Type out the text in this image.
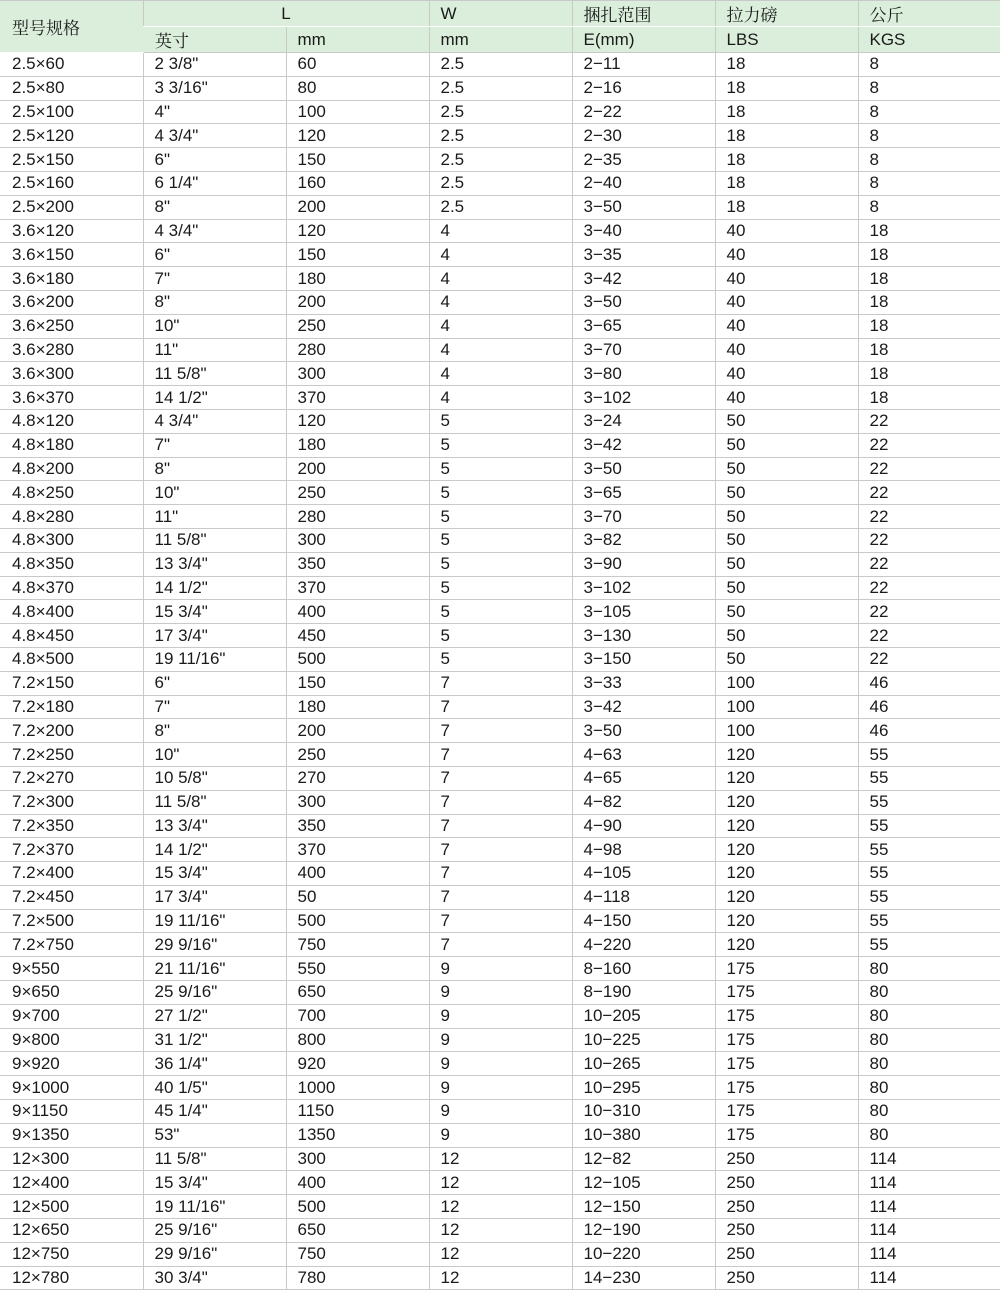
型号规格	L		W	捆扎范围	拉力磅	公斤
	英寸	mm	mm	E(mm)	LBS	KGS
2.5×60	2 3/8"	60	2.5	2−11	18	8
2.5×80	3 3/16"	80	2.5	2−16	18	8
2.5×100	4"	100	2.5	2−22	18	8
2.5×120	4 3/4"	120	2.5	2−30	18	8
2.5×150	6"	150	2.5	2−35	18	8
2.5×160	6 1/4"	160	2.5	2−40	18	8
2.5×200	8"	200	2.5	3−50	18	8
3.6×120	4 3/4"	120	4	3−40	40	18
3.6×150	6"	150	4	3−35	40	18
3.6×180	7"	180	4	3−42	40	18
3.6×200	8"	200	4	3−50	40	18
3.6×250	10"	250	4	3−65	40	18
3.6×280	11"	280	4	3−70	40	18
3.6×300	11 5/8"	300	4	3−80	40	18
3.6×370	14 1/2"	370	4	3−102	40	18
4.8×120	4 3/4"	120	5	3−24	50	22
4.8×180	7"	180	5	3−42	50	22
4.8×200	8"	200	5	3−50	50	22
4.8×250	10"	250	5	3−65	50	22
4.8×280	11"	280	5	3−70	50	22
4.8×300	11 5/8"	300	5	3−82	50	22
4.8×350	13 3/4"	350	5	3−90	50	22
4.8×370	14 1/2"	370	5	3−102	50	22
4.8×400	15 3/4"	400	5	3−105	50	22
4.8×450	17 3/4"	450	5	3−130	50	22
4.8×500	19 11/16"	500	5	3−150	50	22
7.2×150	6"	150	7	3−33	100	46
7.2×180	7"	180	7	3−42	100	46
7.2×200	8"	200	7	3−50	100	46
7.2×250	10"	250	7	4−63	120	55
7.2×270	10 5/8"	270	7	4−65	120	55
7.2×300	11 5/8"	300	7	4−82	120	55
7.2×350	13 3/4"	350	7	4−90	120	55
7.2×370	14 1/2"	370	7	4−98	120	55
7.2×400	15 3/4"	400	7	4−105	120	55
7.2×450	17 3/4"	50	7	4−118	120	55
7.2×500	19 11/16"	500	7	4−150	120	55
7.2×750	29 9/16"	750	7	4−220	120	55
9×550	21 11/16"	550	9	8−160	175	80
9×650	25 9/16"	650	9	8−190	175	80
9×700	27 1/2"	700	9	10−205	175	80
9×800	31 1/2"	800	9	10−225	175	80
9×920	36 1/4"	920	9	10−265	175	80
9×1000	40 1/5"	1000	9	10−295	175	80
9×1150	45 1/4"	1150	9	10−310	175	80
9×1350	53"	1350	9	10−380	175	80
12×300	11 5/8"	300	12	12−82	250	114
12×400	15 3/4"	400	12	12−105	250	114
12×500	19 11/16"	500	12	12−150	250	114
12×650	25 9/16"	650	12	12−190	250	114
12×750	29 9/16"	750	12	10−220	250	114
12×780	30 3/4"	780	12	14−230	250	114
